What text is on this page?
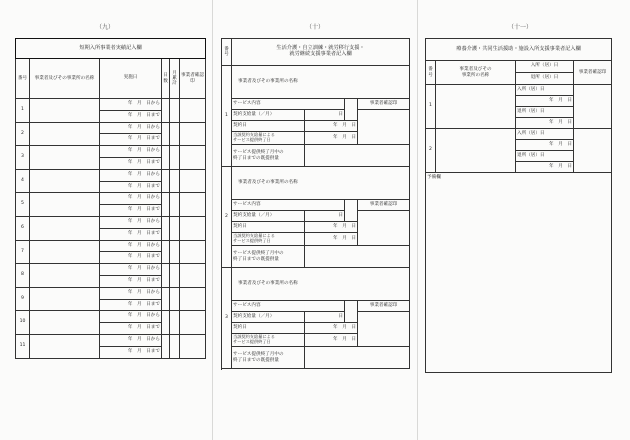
（九）	（十）	（十一）
短期入所事業者実績記入欄					
番号	事業者及びその事業所の名称	実施日	日数	月累計	事業者確認印
1		年　月　日から			
		年　月　日まで			
2		年　月　日から			
		年　月　日まで			
3		年　月　日から			
		年　月　日まで			
4		年　月　日から			
		年　月　日まで			
5		年　月　日から			
		年　月　日まで			
6		年　月　日から			
		年　月　日まで			
7		年　月　日から			
		年　月　日まで			
8		年　月　日から			
		年　月　日まで			
9		年　月　日から			
		年　月　日まで			
10		年　月　日から			
		年　月　日まで			
11		年　月　日から			
		年　月　日まで			
番号	生活介護・自立訓練・就労移行支援・
就労継続支援事業者記入欄			
1	事業者及びその事業所の名称			
	サービス内容			事業者確認印
	契約支給量（／月）	日		
	契約日	年　月　日		
	当該契約支給量による
サービス提供終了日	年　月　日		
	サービス提供終了月中の
終了日までの既提供量			

2	事業者及びその事業所の名称			
	サービス内容			事業者確認印
	契約支給量（／月）	日		
	契約日	年　月　日		
	当該契約支給量による
サービス提供終了日	年　月　日		
	サービス提供終了月中の
終了日までの既提供量			

3	事業者及びその事業所の名称			
	サービス内容			事業者確認印
	契約支給量（／月）	日		
	契約日	年　月　日		
	当該契約支給量による
サービス提供終了日	年　月　日		
	サービス提供終了月中の
終了日までの既提供量			

療養介護・共同生活援助・施設入所支援事業者記入欄			
番号	事業者及びその
事業所の名称	入所（居）日	事業者確認印
		退所（居）日	
1		入所（居）日	
		年　月　日	
		退所（居）日	
		年　月　日	
2		入所（居）日	
		年　月　日	
		退所（居）日	
		年　月　日	
予備欄			
